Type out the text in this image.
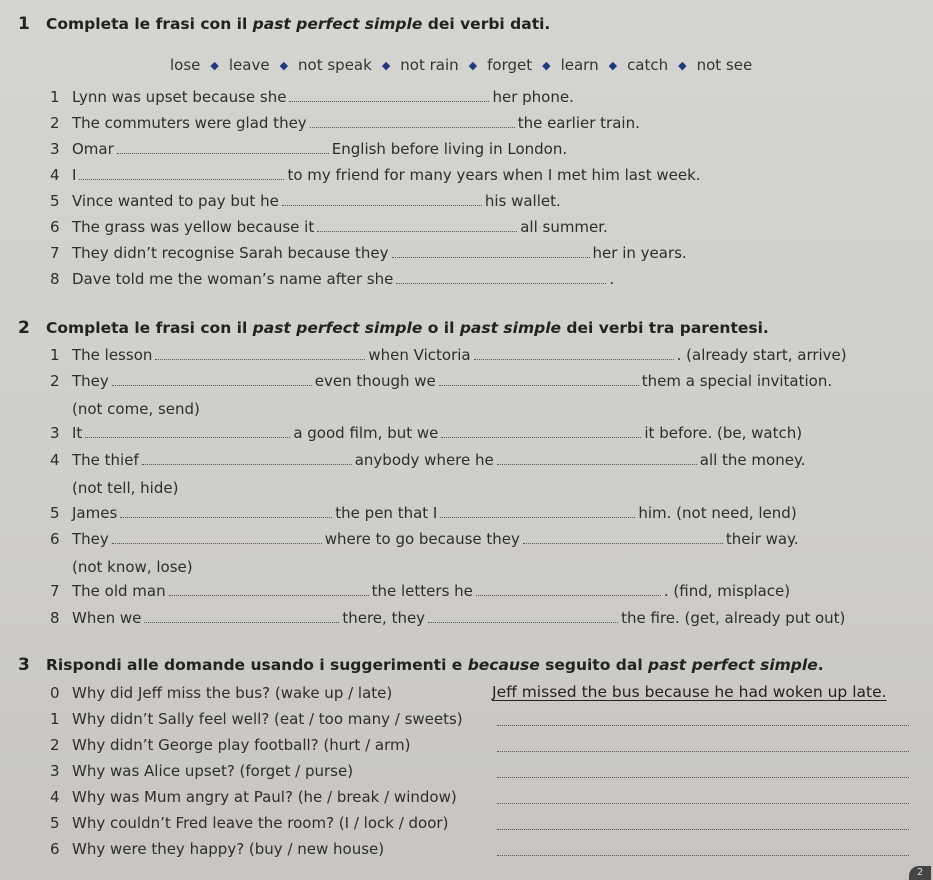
1 Completa le frasi con il past perfect simple dei verbi dati.
lose ◆ leave ◆ not speak ◆ not rain ◆ forget ◆ learn ◆ catch ◆ not see
1 Lynn was upset because she	her phone.
2 The commuters were glad they	the earlier train.
3 Omar	English before living in London.
4 I	to my friend for many years when I met him last week.
5 Vince wanted to pay but he	his wallet.
6 The grass was yellow because it	all summer.
7 They didn’t recognise Sarah because they	her in years.
8 Dave told me the woman’s name after she	.
2 Completa le frasi con il past perfect simple o il past simple dei verbi tra parentesi.
1 The lesson	when Victoria	. (already start, arrive)
2 They	even though we	them a special invitation.
(not come, send)
3 It	a good film, but we	it before. (be, watch)
4 The thief	anybody where he	all the money.
(not tell, hide)
5 James	the pen that I	him. (not need, lend)
6 They	where to go because they	their way.
(not know, lose)
7 The old man	the letters he	. (find, misplace)
8 When we	there, they	the fire. (get, already put out)
3 Rispondi alle domande usando i suggerimenti e because seguito dal past perfect simple.
0 Why did Jeff miss the bus? (wake up / late)	Jeff missed the bus because he had woken up late.
1 Why didn’t Sally feel well? (eat / too many / sweets)
2 Why didn’t George play football? (hurt / arm)
3 Why was Alice upset? (forget / purse)
4 Why was Mum angry at Paul? (he / break / window)
5 Why couldn’t Fred leave the room? (I / lock / door)
6 Why were they happy? (buy / new house)
2
